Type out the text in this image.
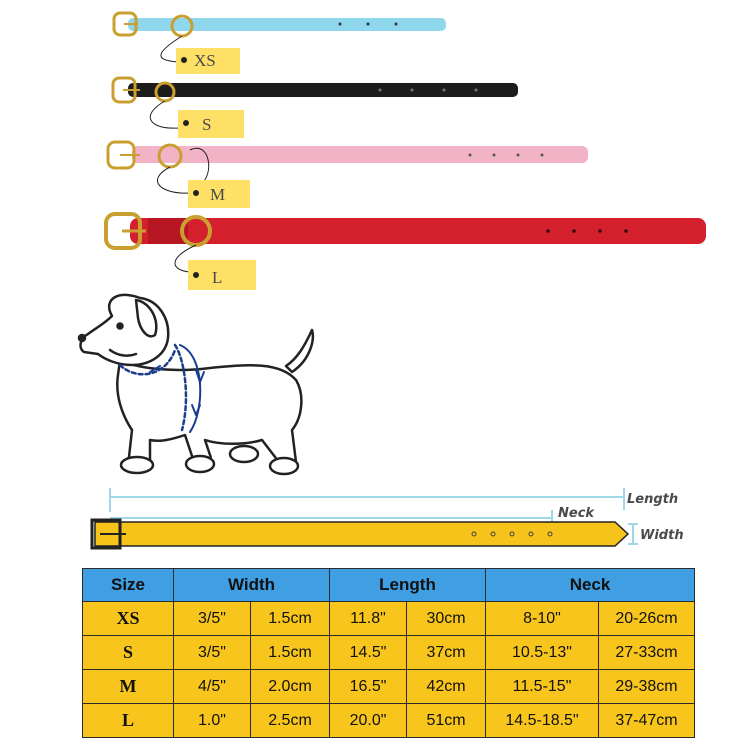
XS
S
M
L
Length
Neck
Width
Size	Width		Length		Neck	
XS	3/5"	1.5cm	11.8"	30cm	8-10"	20-26cm
S	3/5"	1.5cm	14.5"	37cm	10.5-13"	27-33cm
M	4/5"	2.0cm	16.5"	42cm	11.5-15"	29-38cm
L	1.0"	2.5cm	20.0"	51cm	14.5-18.5"	37-47cm
